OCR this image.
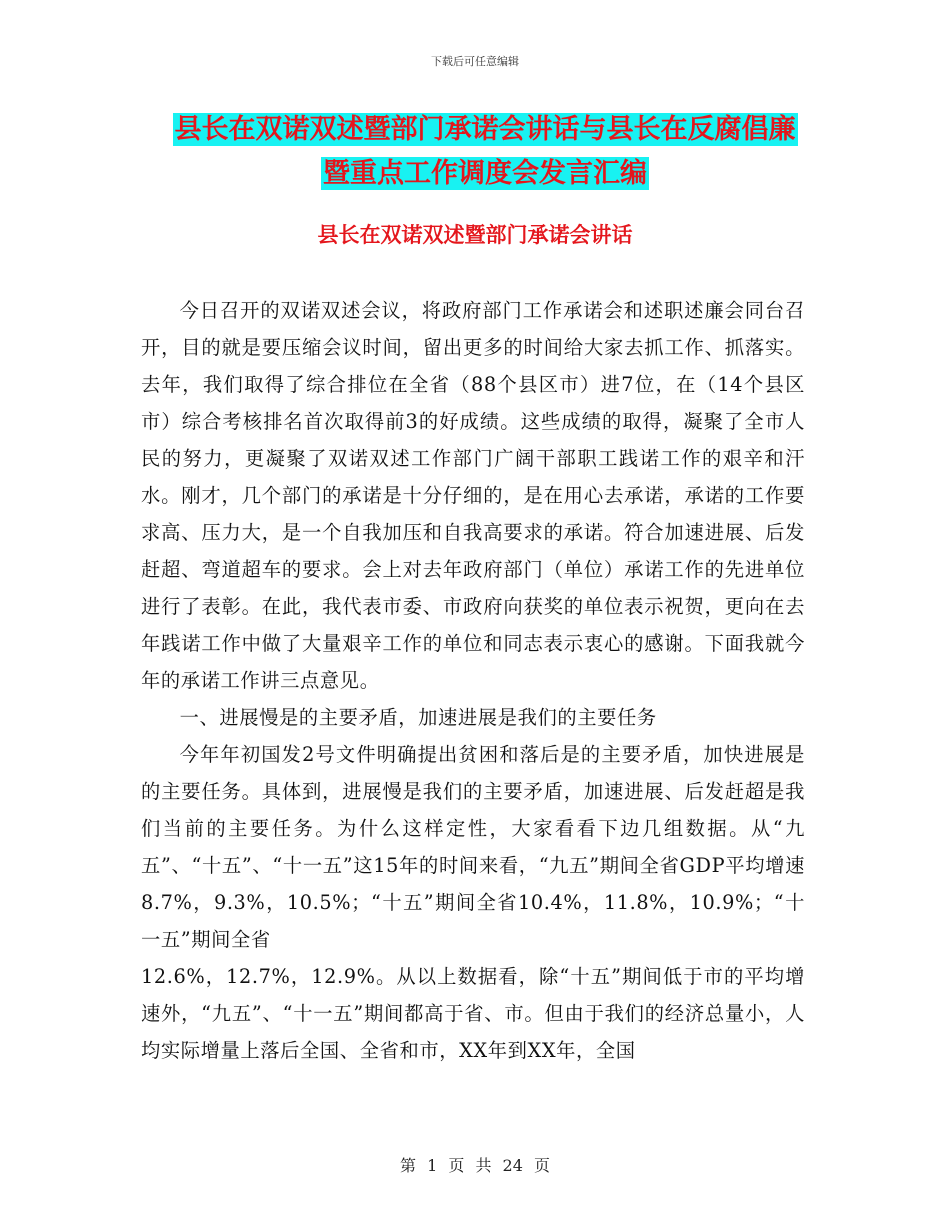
下载后可任意编辑
县长在双诺双述暨部门承诺会讲话与县长在反腐倡廉
暨重点工作调度会发言汇编
县长在双诺双述暨部门承诺会讲话

今日召开的双诺双述会议，将政府部门工作承诺会和述职述廉会同台召开，目的就是要压缩会议时间，留出更多的时间给大家去抓工作、抓落实。去年，我们取得了综合排位在全省（88个县区市）进7位，在（14个县区市）综合考核排名首次取得前3的好成绩。这些成绩的取得，凝聚了全市人民的努力，更凝聚了双诺双述工作部门广阔干部职工践诺工作的艰辛和汗水。刚才，几个部门的承诺是十分仔细的，是在用心去承诺，承诺的工作要求高、压力大，是一个自我加压和自我高要求的承诺。符合加速进展、后发赶超、弯道超车的要求。会上对去年政府部门（单位）承诺工作的先进单位进行了表彰。在此，我代表市委、市政府向获奖的单位表示祝贺，更向在去年践诺工作中做了大量艰辛工作的单位和同志表示衷心的感谢。下面我就今年的承诺工作讲三点意见。

一、进展慢是的主要矛盾，加速进展是我们的主要任务

今年年初国发2号文件明确提出贫困和落后是的主要矛盾，加快进展是的主要任务。具体到，进展慢是我们的主要矛盾，加速进展、后发赶超是我们当前的主要任务。为什么这样定性，大家看看下边几组数据。从“九五”、“十五”、“十一五”这15年的时间来看，“九五”期间全省GDP平均增速8.7%，9.3%，10.5%；“十五”期间全省10.4%，11.8%，10.9%；“十一五”期间全省

12.6%，12.7%，12.9%。从以上数据看，除“十五”期间低于市的平均增速外，“九五”、“十一五”期间都高于省、市。但由于我们的经济总量小，人均实际增量上落后全国、全省和市，XX年到XX年，全国

第 1 页 共 24 页
